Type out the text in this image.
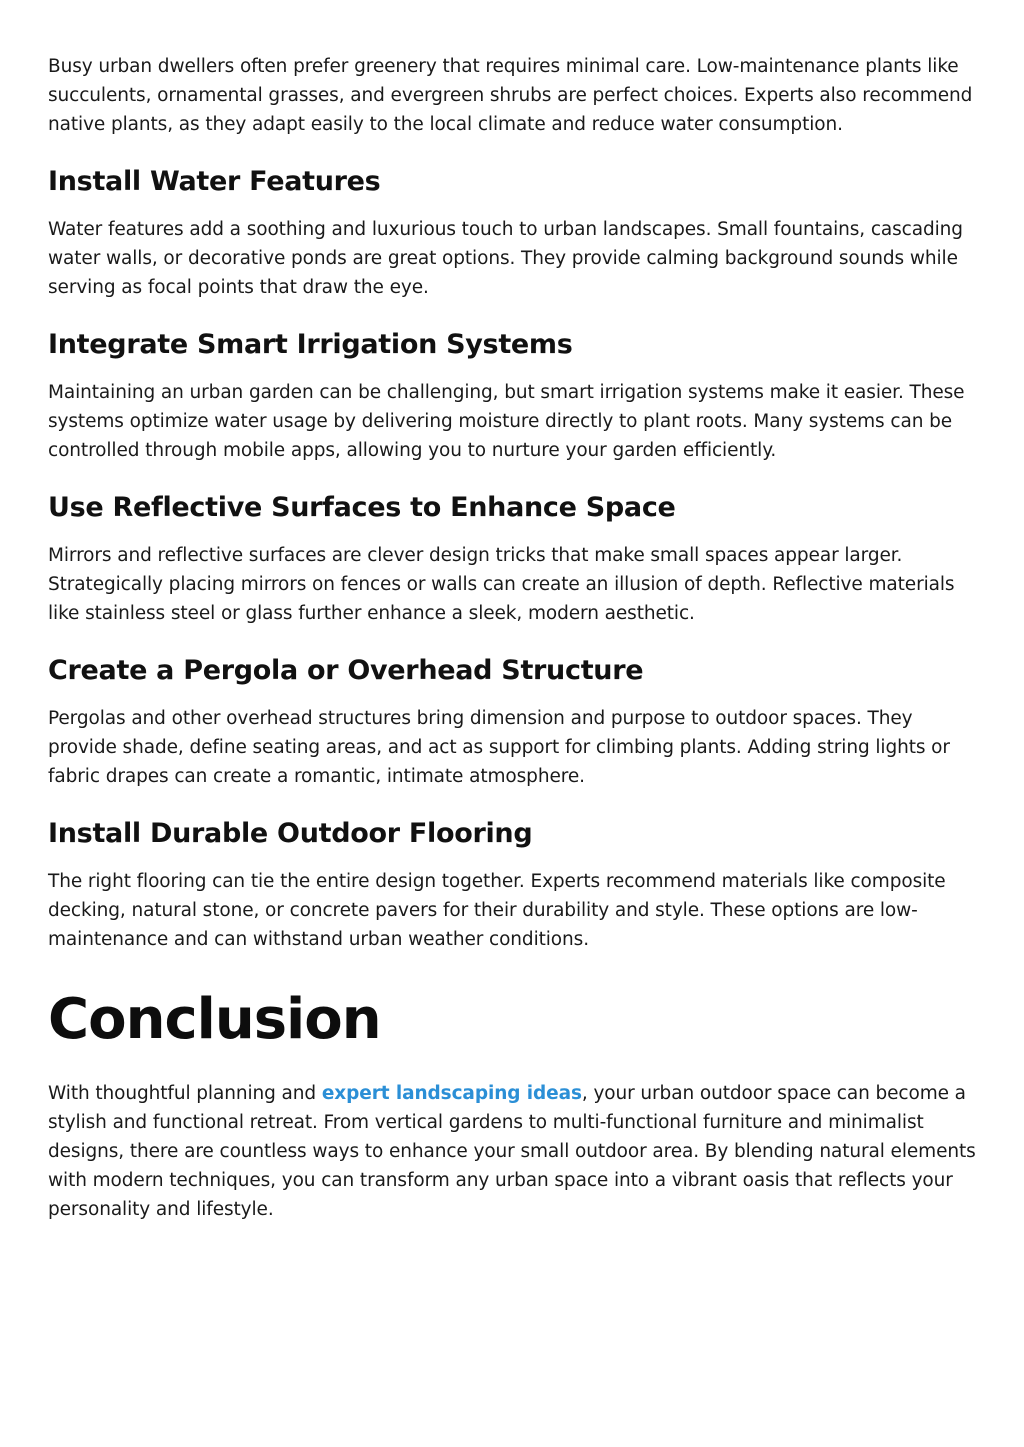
Busy urban dwellers often prefer greenery that requires minimal care. Low-maintenance plants like succulents, ornamental grasses, and evergreen shrubs are perfect choices. Experts also recommend native plants, as they adapt easily to the local climate and reduce water consumption.

Install Water Features

Water features add a soothing and luxurious touch to urban landscapes. Small fountains, cascading water walls, or decorative ponds are great options. They provide calming background sounds while serving as focal points that draw the eye.

Integrate Smart Irrigation Systems

Maintaining an urban garden can be challenging, but smart irrigation systems make it easier. These systems optimize water usage by delivering moisture directly to plant roots. Many systems can be controlled through mobile apps, allowing you to nurture your garden efficiently.

Use Reflective Surfaces to Enhance Space

Mirrors and reflective surfaces are clever design tricks that make small spaces appear larger. Strategically placing mirrors on fences or walls can create an illusion of depth. Reflective materials like stainless steel or glass further enhance a sleek, modern aesthetic.

Create a Pergola or Overhead Structure

Pergolas and other overhead structures bring dimension and purpose to outdoor spaces. They provide shade, define seating areas, and act as support for climbing plants. Adding string lights or fabric drapes can create a romantic, intimate atmosphere.

Install Durable Outdoor Flooring

The right flooring can tie the entire design together. Experts recommend materials like composite decking, natural stone, or concrete pavers for their durability and style. These options are low-maintenance and can withstand urban weather conditions.

Conclusion

With thoughtful planning and expert landscaping ideas, your urban outdoor space can become a stylish and functional retreat. From vertical gardens to multi-functional furniture and minimalist designs, there are countless ways to enhance your small outdoor area. By blending natural elements with modern techniques, you can transform any urban space into a vibrant oasis that reflects your personality and lifestyle.
